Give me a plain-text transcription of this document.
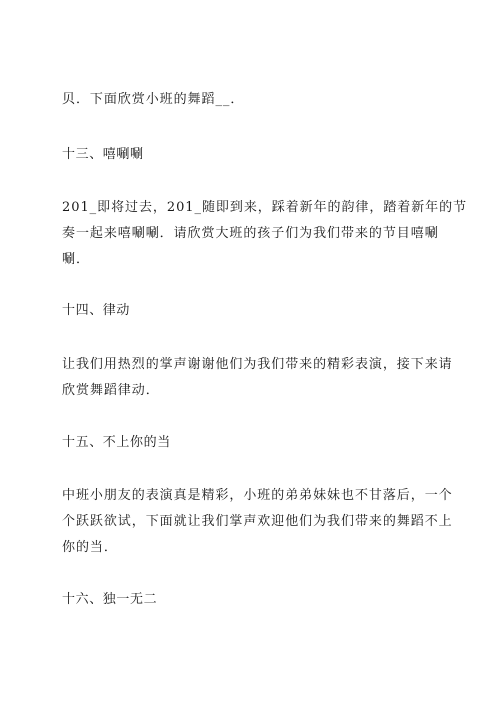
贝．下面欣赏小班的舞蹈__．
十三、嘻唰唰
201_即将过去，201_随即到来，踩着新年的韵律，踏着新年的节
奏一起来嘻唰唰．请欣赏大班的孩子们为我们带来的节目嘻唰
唰．
十四、律动
让我们用热烈的掌声谢谢他们为我们带来的精彩表演，接下来请
欣赏舞蹈律动．
十五、不上你的当
中班小朋友的表演真是精彩，小班的弟弟妹妹也不甘落后，一个
个跃跃欲试，下面就让我们掌声欢迎他们为我们带来的舞蹈不上
你的当．
十六、独一无二
